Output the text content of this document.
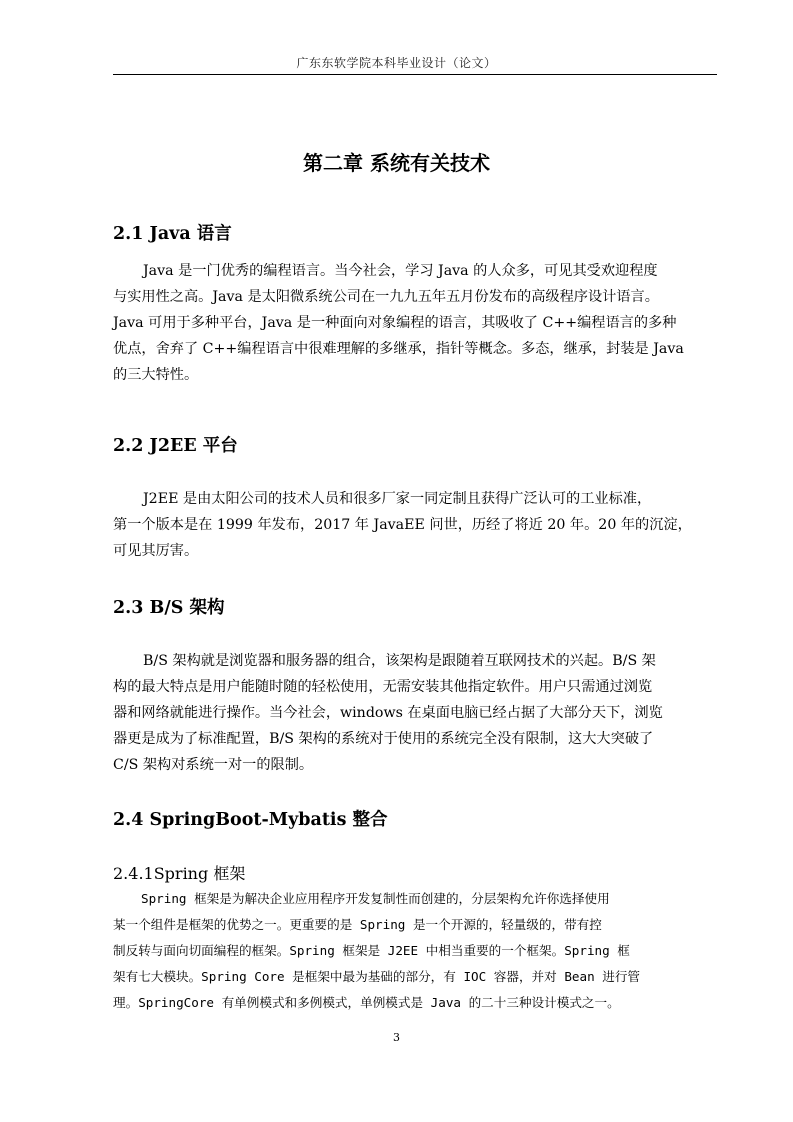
广东东软学院本科毕业设计（论文）
第二章 系统有关技术
2.1 Java 语言
Java 是一门优秀的编程语言。当今社会，学习 Java 的人众多，可见其受欢迎程度
与实用性之高。Java 是太阳微系统公司在一九九五年五月份发布的高级程序设计语言。
Java 可用于多种平台，Java 是一种面向对象编程的语言，其吸收了 C++编程语言的多种
优点，舍弃了 C++编程语言中很难理解的多继承，指针等概念。多态，继承，封装是 Java
的三大特性。
2.2 J2EE 平台
J2EE 是由太阳公司的技术人员和很多厂家一同定制且获得广泛认可的工业标准，
第一个版本是在 1999 年发布，2017 年 JavaEE 问世，历经了将近 20 年。20 年的沉淀，
可见其厉害。
2.3 B/S 架构
B/S 架构就是浏览器和服务器的组合，该架构是跟随着互联网技术的兴起。B/S 架
构的最大特点是用户能随时随的轻松使用，无需安装其他指定软件。用户只需通过浏览
器和网络就能进行操作。当今社会，windows 在桌面电脑已经占据了大部分天下，浏览
器更是成为了标准配置，B/S 架构的系统对于使用的系统完全没有限制，这大大突破了
C/S 架构对系统一对一的限制。
2.4 SpringBoot-Mybatis 整合
2.4.1Spring 框架
Spring 框架是为解决企业应用程序开发复制性而创建的，分层架构允许你选择使用
某一个组件是框架的优势之一。更重要的是 Spring 是一个开源的，轻量级的，带有控
制反转与面向切面编程的框架。Spring 框架是 J2EE 中相当重要的一个框架。Spring 框
架有七大模块。Spring Core 是框架中最为基础的部分，有 IOC 容器，并对 Bean 进行管
理。SpringCore 有单例模式和多例模式，单例模式是 Java 的二十三种设计模式之一。
3
